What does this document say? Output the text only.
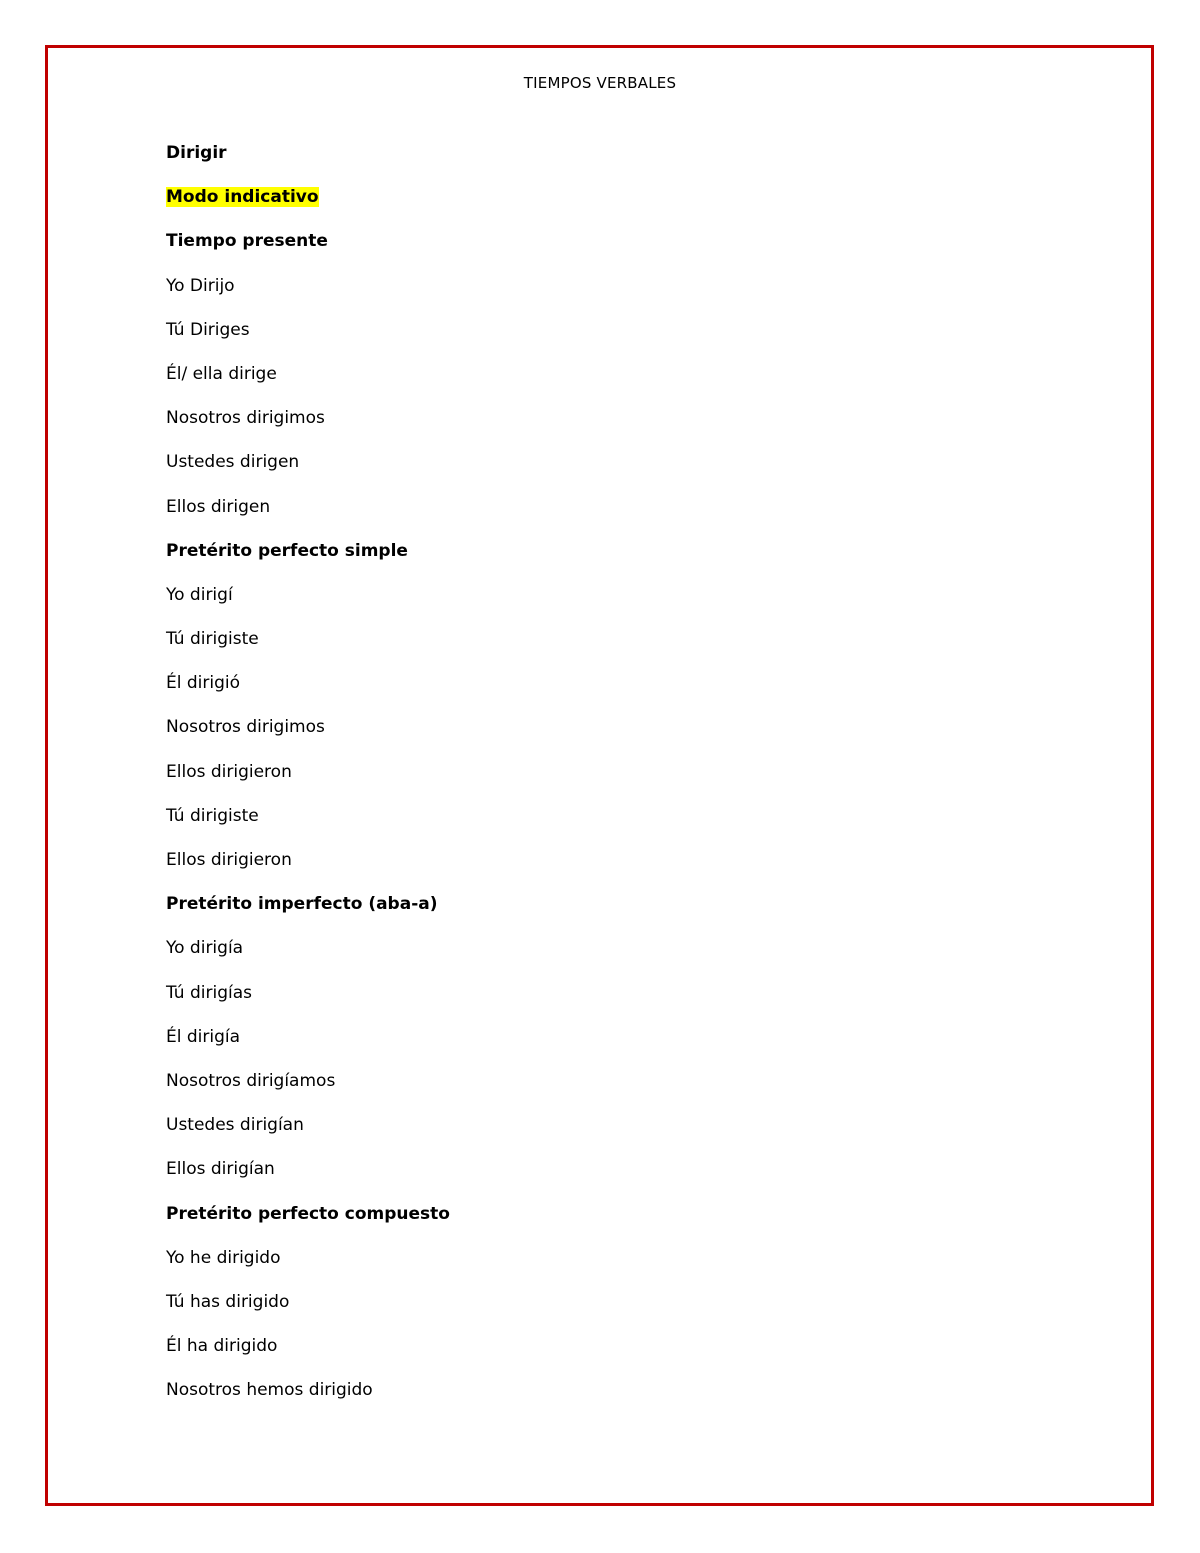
TIEMPOS VERBALES
Dirigir
Modo indicativo
Tiempo presente
Yo Dirijo
Tú Diriges
Él/ ella dirige
Nosotros dirigimos
Ustedes dirigen
Ellos dirigen
Pretérito perfecto simple
Yo dirigí
Tú dirigiste
Él dirigió
Nosotros dirigimos
Ellos dirigieron
Tú dirigiste
Ellos dirigieron
Pretérito imperfecto (aba-a)
Yo dirigía
Tú dirigías
Él dirigía
Nosotros dirigíamos
Ustedes dirigían
Ellos dirigían
Pretérito perfecto compuesto
Yo he dirigido
Tú has dirigido
Él ha dirigido
Nosotros hemos dirigido
